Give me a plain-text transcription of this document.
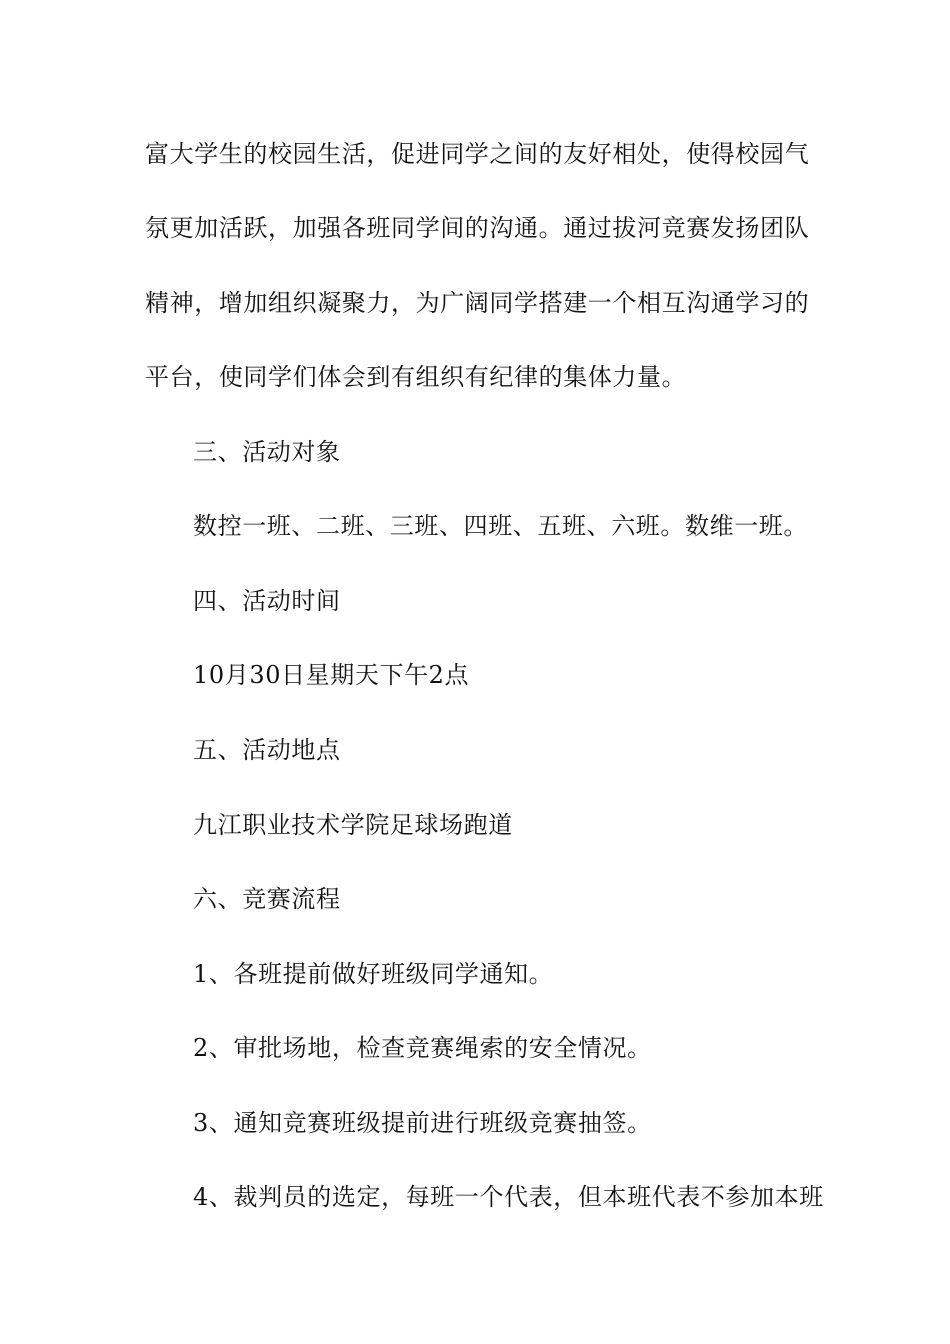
富大学生的校园生活，促进同学之间的友好相处，使得校园气
氛更加活跃，加强各班同学间的沟通。通过拔河竞赛发扬团队
精神，增加组织凝聚力，为广阔同学搭建一个相互沟通学习的
平台，使同学们体会到有组织有纪律的集体力量。
三、活动对象
数控一班、二班、三班、四班、五班、六班。数维一班。
四、活动时间
10月30日星期天下午2点
五、活动地点
九江职业技术学院足球场跑道
六、竞赛流程
1、各班提前做好班级同学通知。
2、审批场地，检查竞赛绳索的安全情况。
3、通知竞赛班级提前进行班级竞赛抽签。
4、裁判员的选定，每班一个代表，但本班代表不参加本班
